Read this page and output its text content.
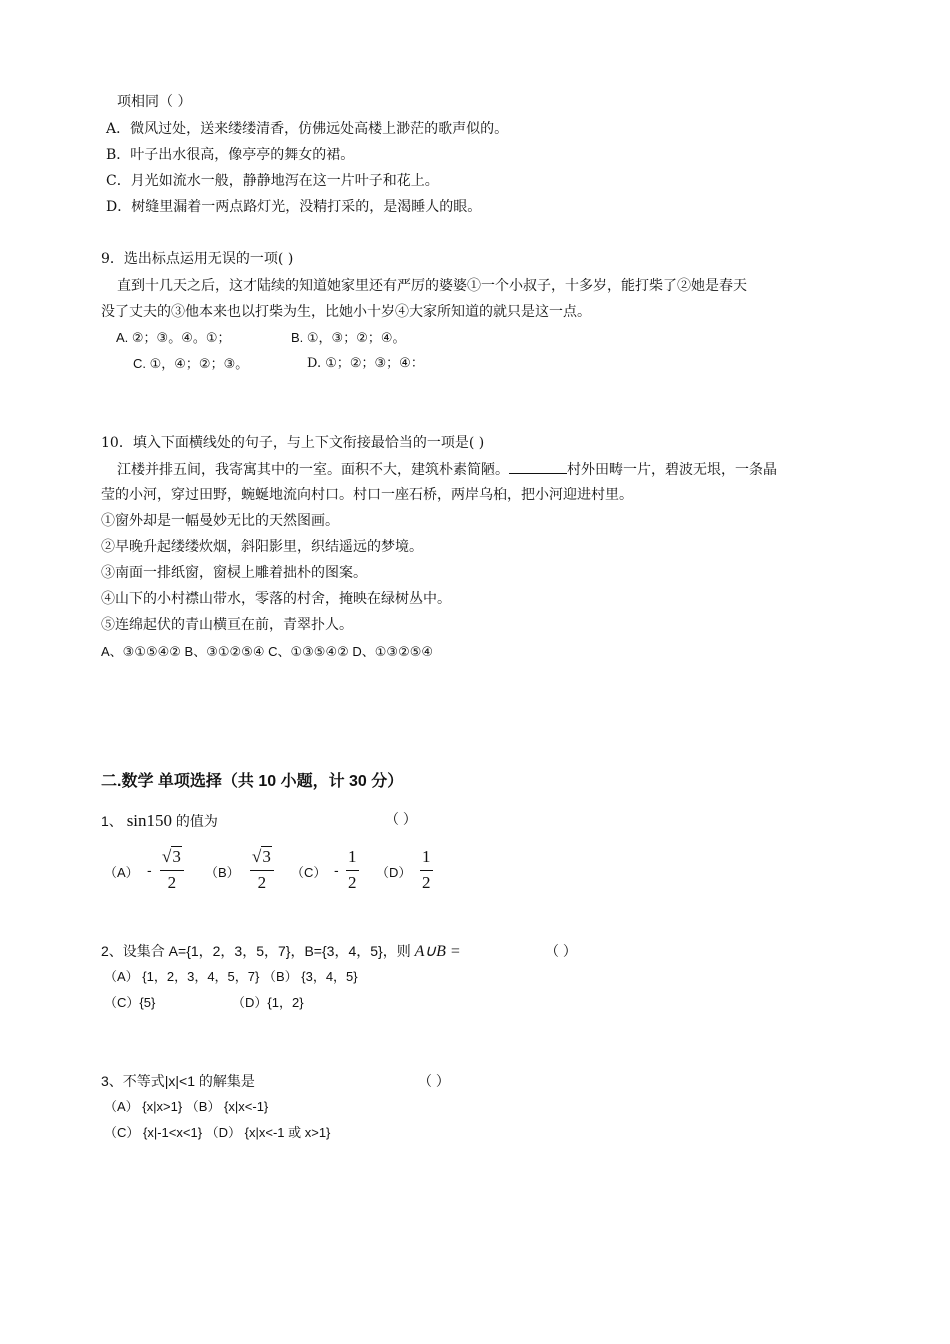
项相同（ ）
A．微风过处，送来缕缕清香，仿佛远处高楼上渺茫的歌声似的。
B．叶子出水很高，像亭亭的舞女的裙。
C．月光如流水一般，静静地泻在这一片叶子和花上。
D．树缝里漏着一两点路灯光，没精打采的，是渴睡人的眼。
9．选出标点运用无误的一项( )
直到十几天之后，这才陆续的知道她家里还有严厉的婆婆①一个小叔子，十多岁，能打柴了②她是春天
没了丈夫的③他本来也以打柴为生，比她小十岁④大家所知道的就只是这一点。
A. ②；③。④。①；	B. ①，③；②；④。
C. ①，④；②；③。	D. ①；②；③；④：
10．填入下面横线处的句子，与上下文衔接最恰当的一项是( )
江楼并排五间，我寄寓其中的一室。面积不大，建筑朴素简陋。	村外田畴一片，碧波无垠，一条晶
莹的小河，穿过田野，蜿蜒地流向村口。村口一座石桥，两岸乌桕，把小河迎进村里。
①窗外却是一幅曼妙无比的天然图画。
②早晚升起缕缕炊烟，斜阳影里，织结遥远的梦境。
③南面一排纸窗，窗棂上雕着拙朴的图案。
④山下的小村襟山带水，零落的村舍，掩映在绿树丛中。
⑤连绵起伏的青山横亘在前，青翠扑人。
A、③①⑤④② B、③①②⑤④ C、①③⑤④② D、①③②⑤④
二.数学 单项选择（共 10 小题，计 30 分）
1、 sin150 的值为	（ ）
$(A) - \frac{√3}{2} (B) \frac{√3}{2} (C) - \frac{1}{2} (D) \frac{1}{2}$
2、设集合 A={1，2，3，5，7}，B={3，4，5}，则 A∪B =	（ ）
（A） {1，2，3，4，5，7} （B） {3，4，5}
（C）{5}	（D）{1，2}
3、不等式|x|<1 的解集是	（ ）
（A） {x|x>1} （B） {x|x<-1}
（C） {x|-1<x<1} （D） {x|x<-1 或 x>1}
